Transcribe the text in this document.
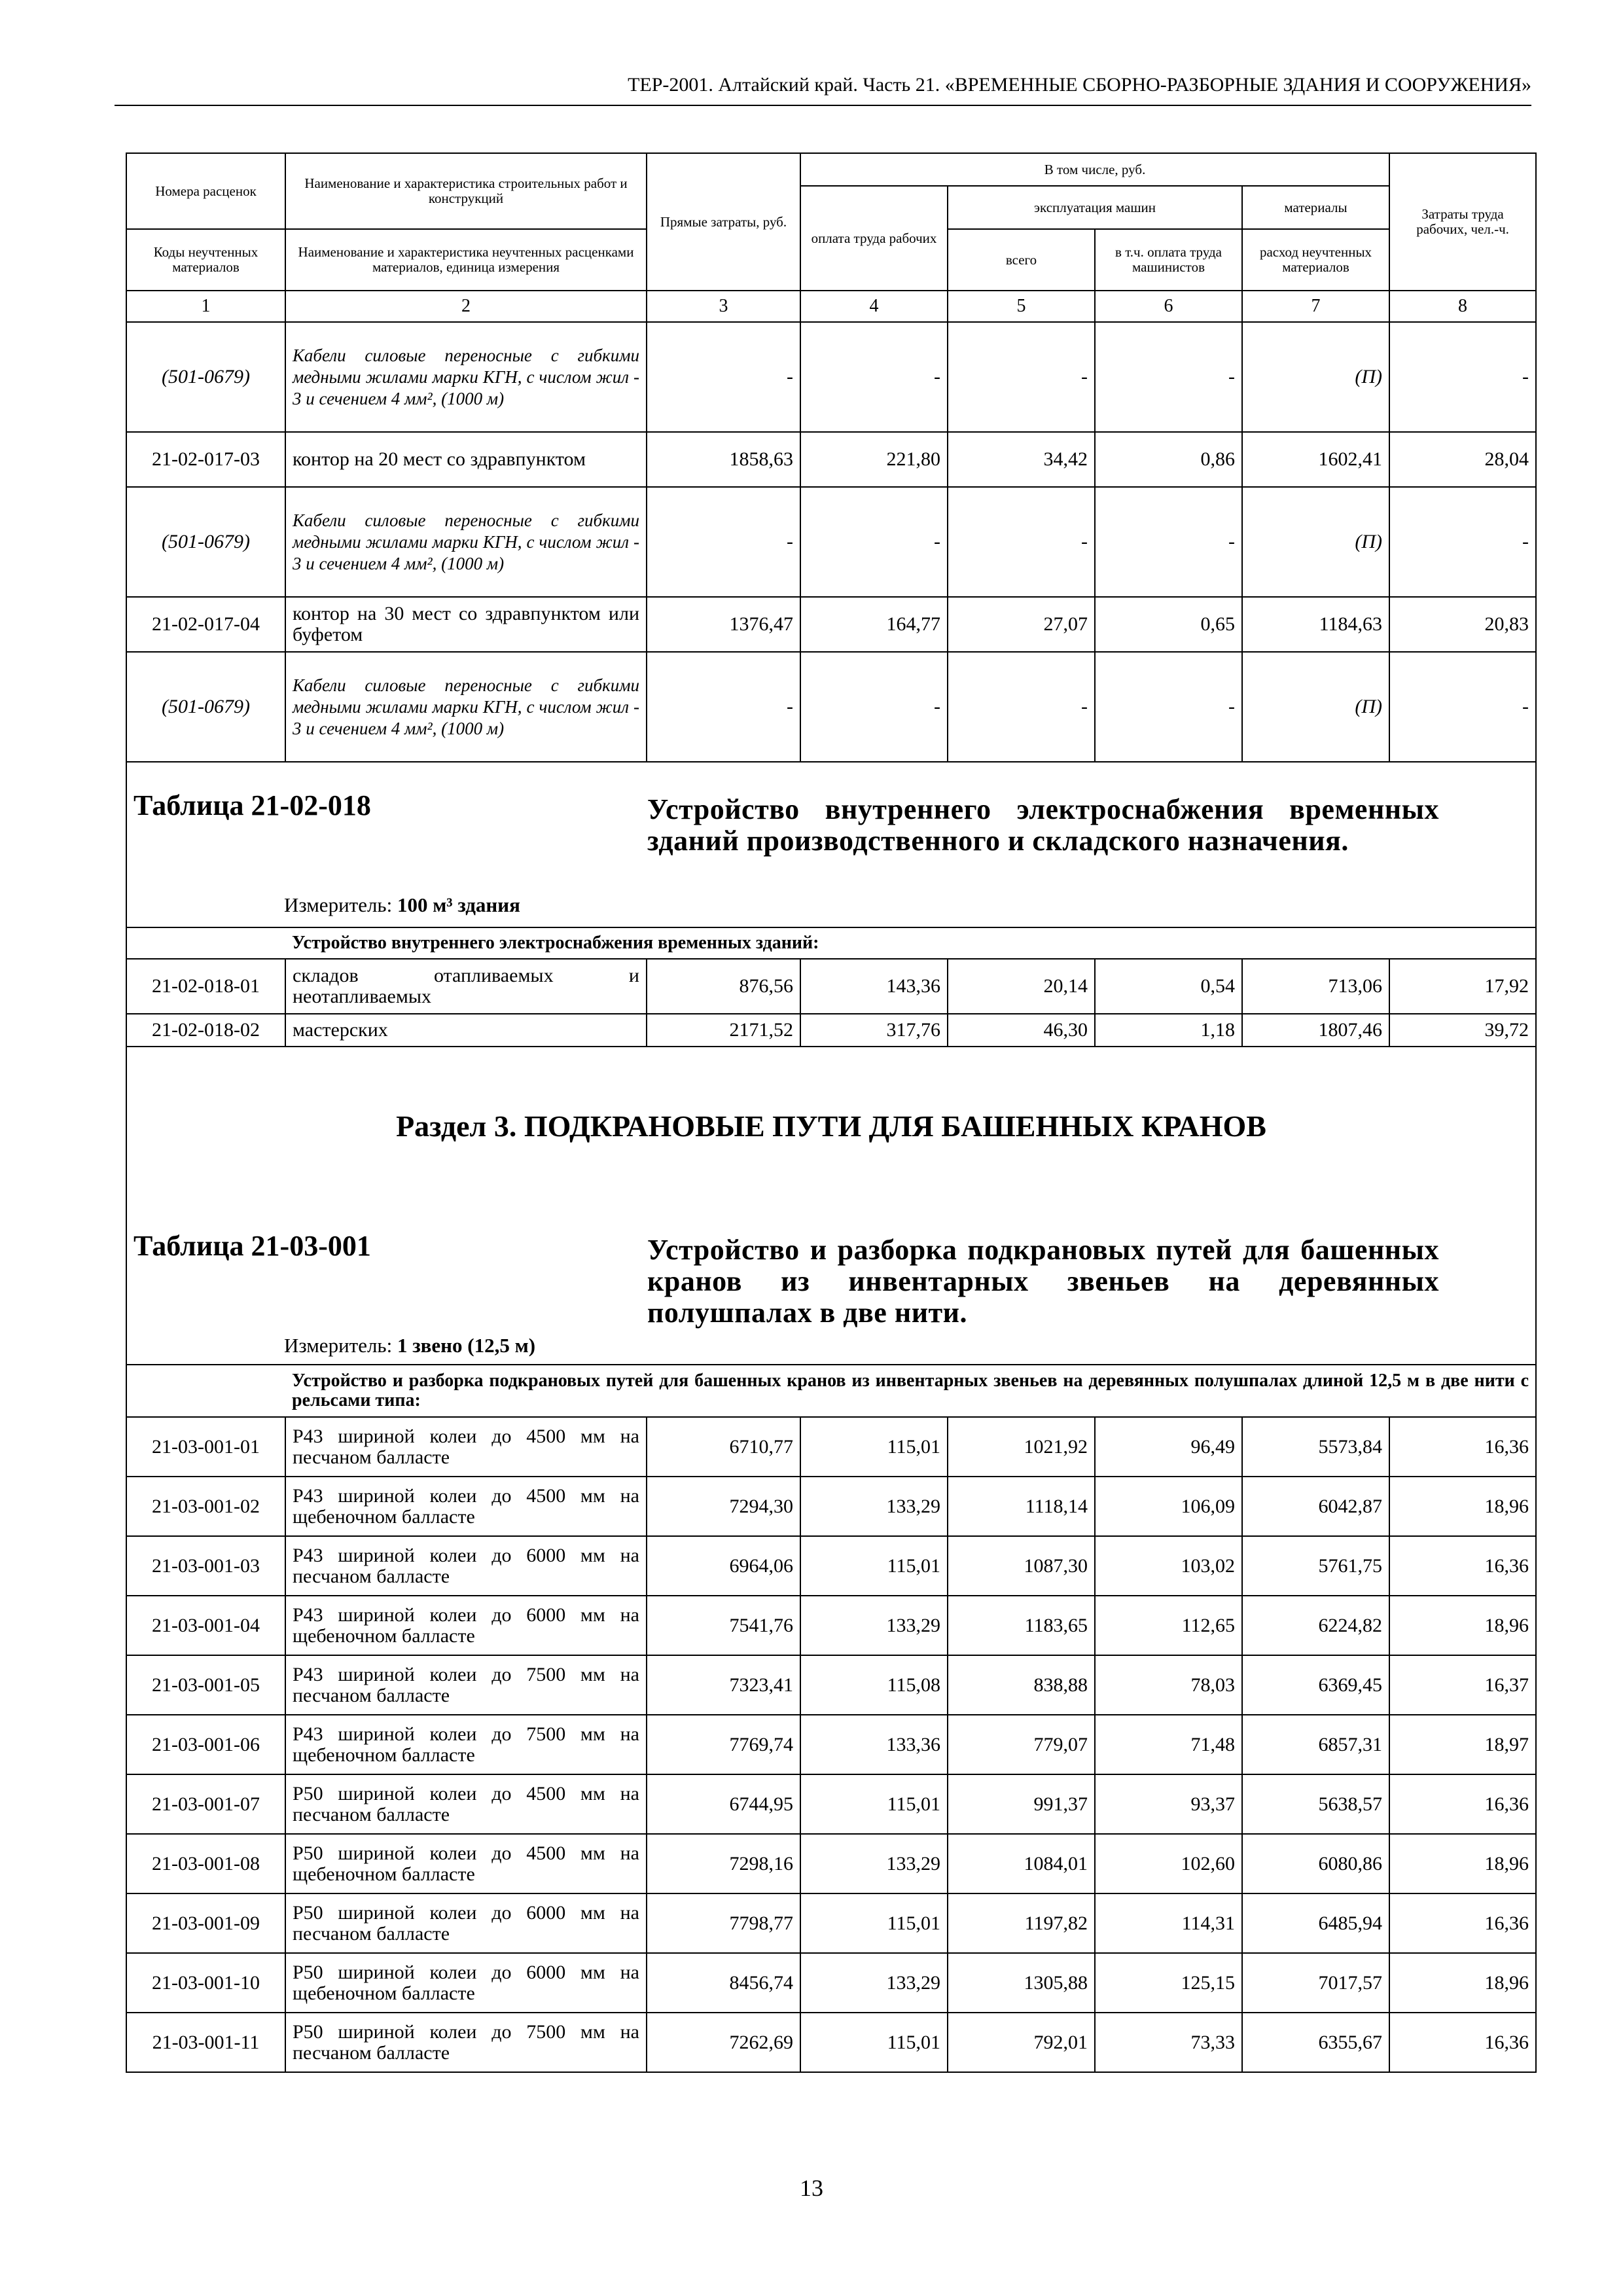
ТЕР-2001. Алтайский край. Часть 21. «ВРЕМЕННЫЕ СБОРНО-РАЗБОРНЫЕ ЗДАНИЯ И СООРУЖЕНИЯ»
Номера расценок	Наименование и характеристика строительных работ и конструкций	Прямые затраты, руб.	В том числе, руб.				Затраты труда рабочих, чел.-ч.
			оплата труда рабочих	эксплуатация машин		материалы	
Коды неучтенных материалов	Наименование и характеристика неучтенных расценками материалов, единица измерения			всего	в т.ч. оплата труда машинистов	расход неучтенных материалов	
1	2	3	4	5	6	7	8
(501-0679)	Кабели силовые переносные с гибкими медными жилами марки КГН, с числом жил - 3 и сечением 4 мм², (1000 м)	-	-	-	-	(П)	-
21-02-017-03	контор на 20 мест со здравпунктом	1858,63	221,80	34,42	0,86	1602,41	28,04
(501-0679)	Кабели силовые переносные с гибкими медными жилами марки КГН, с числом жил - 3 и сечением 4 мм², (1000 м)	-	-	-	-	(П)	-
21-02-017-04	контор на 30 мест со здравпунктом или буфетом	1376,47	164,77	27,07	0,65	1184,63	20,83
(501-0679)	Кабели силовые переносные с гибкими медными жилами марки КГН, с числом жил - 3 и сечением 4 мм², (1000 м)	-	-	-	-	(П)	-

Таблица 21-02-018 Устройство внутреннего электроснабжения временных зданий производственного и складского назначения.
Измеритель: 100 м³ здания							

	Устройство внутреннего электроснабжения временных зданий:						
21-02-018-01	складов отапливаемых и неотапливаемых	876,56	143,36	20,14	0,54	713,06	17,92
21-02-018-02	мастерских	2171,52	317,76	46,30	1,18	1807,46	39,72

Раздел 3. ПОДКРАНОВЫЕ ПУТИ ДЛЯ БАШЕННЫХ КРАНОВ
Таблица 21-03-001 Устройство и разборка подкрановых путей для башенных кранов из инвентарных звеньев на деревянных полушпалах в две нити.
Измеритель: 1 звено (12,5 м)							

	Устройство и разборка подкрановых путей для башенных кранов из инвентарных звеньев на деревянных полушпалах длиной 12,5 м в две нити с рельсами типа:						
21-03-001-01	Р43 шириной колеи до 4500 мм на песчаном балласте	6710,77	115,01	1021,92	96,49	5573,84	16,36
21-03-001-02	Р43 шириной колеи до 4500 мм на щебеночном балласте	7294,30	133,29	1118,14	106,09	6042,87	18,96
21-03-001-03	Р43 шириной колеи до 6000 мм на песчаном балласте	6964,06	115,01	1087,30	103,02	5761,75	16,36
21-03-001-04	Р43 шириной колеи до 6000 мм на щебеночном балласте	7541,76	133,29	1183,65	112,65	6224,82	18,96
21-03-001-05	Р43 шириной колеи до 7500 мм на песчаном балласте	7323,41	115,08	838,88	78,03	6369,45	16,37
21-03-001-06	Р43 шириной колеи до 7500 мм на щебеночном балласте	7769,74	133,36	779,07	71,48	6857,31	18,97
21-03-001-07	Р50 шириной колеи до 4500 мм на песчаном балласте	6744,95	115,01	991,37	93,37	5638,57	16,36
21-03-001-08	Р50 шириной колеи до 4500 мм на щебеночном балласте	7298,16	133,29	1084,01	102,60	6080,86	18,96
21-03-001-09	Р50 шириной колеи до 6000 мм на песчаном балласте	7798,77	115,01	1197,82	114,31	6485,94	16,36
21-03-001-10	Р50 шириной колеи до 6000 мм на щебеночном балласте	8456,74	133,29	1305,88	125,15	7017,57	18,96
21-03-001-11	Р50 шириной колеи до 7500 мм на песчаном балласте	7262,69	115,01	792,01	73,33	6355,67	16,36
13
